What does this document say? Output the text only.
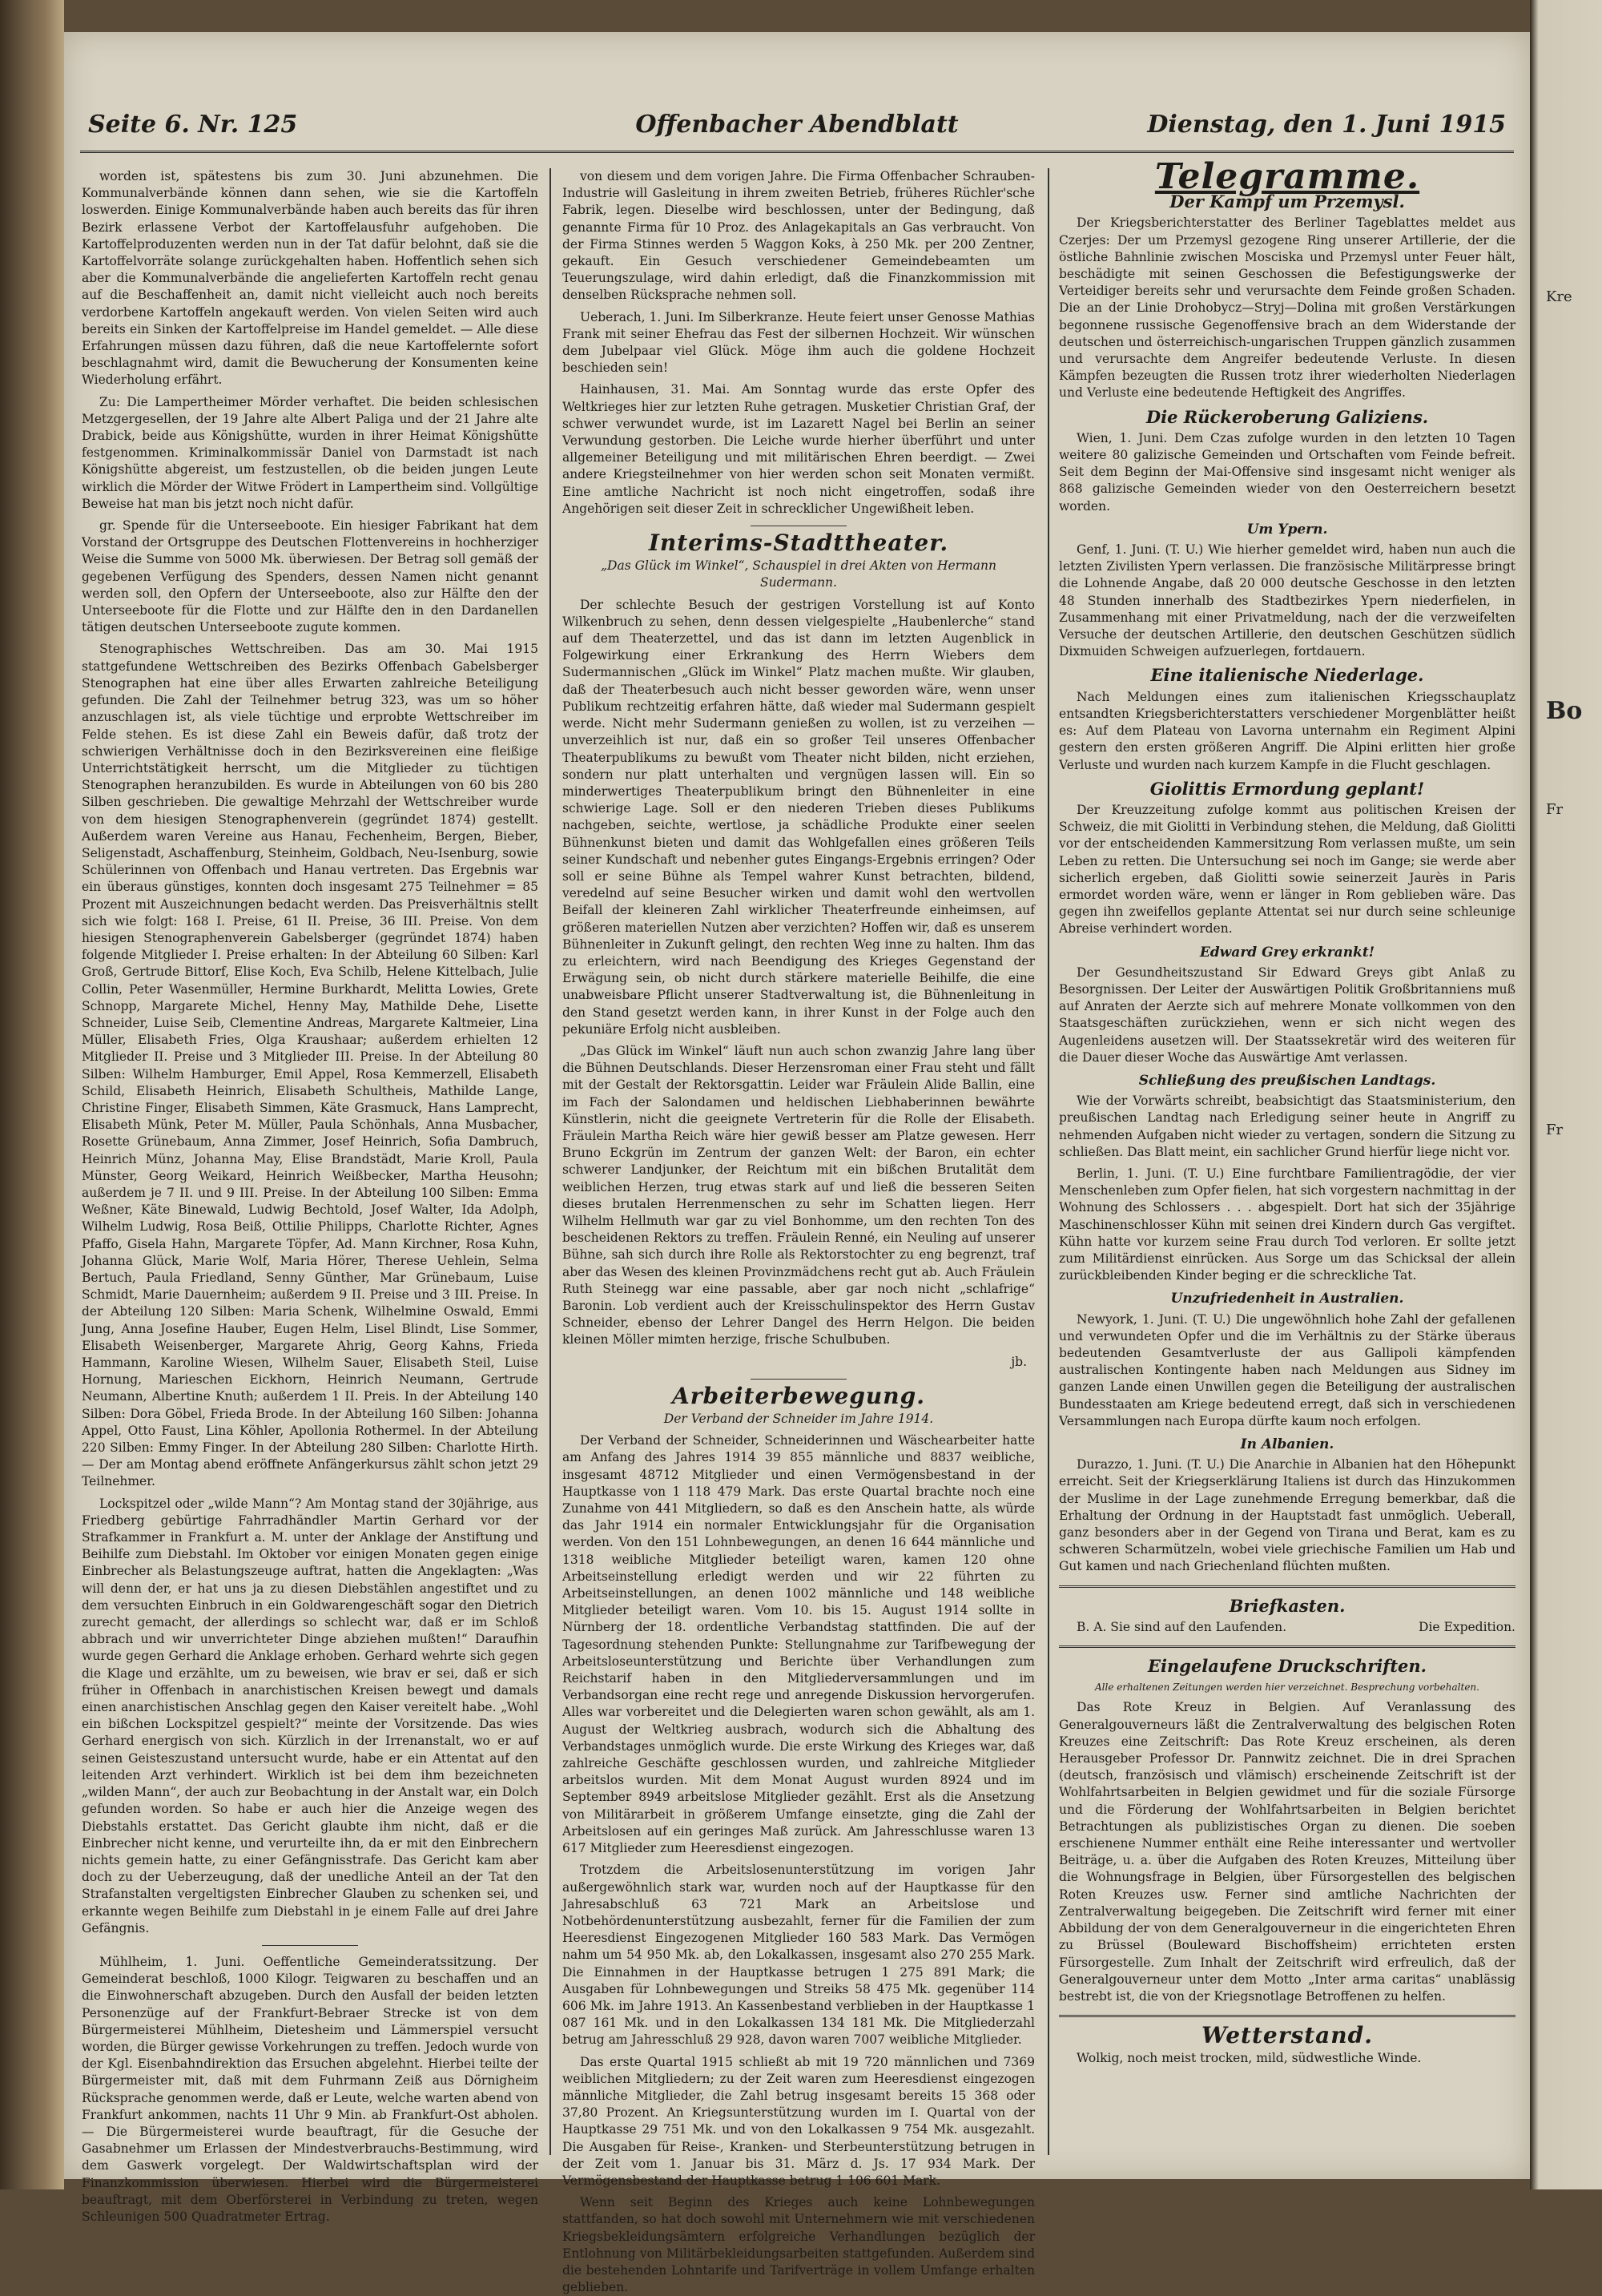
Seite 6. Nr. 125	Offenbacher Abendblatt	Dienstag, den 1. Juni 1915

worden ist, spätestens bis zum 30. Juni abzunehmen. Die Kommunalverbände können dann sehen, wie sie die Kartoffeln loswerden. Einige Kommunalverbände haben auch bereits das für ihren Bezirk erlassene Verbot der Kartoffelausfuhr aufgehoben. Die Kartoffelproduzenten werden nun in der Tat dafür belohnt, daß sie die Kartoffelvorräte solange zurückgehalten haben. Hoffentlich sehen sich aber die Kommunalverbände die angelieferten Kartoffeln recht genau auf die Beschaffenheit an, damit nicht vielleicht auch noch bereits verdorbene Kartoffeln angekauft werden. Von vielen Seiten wird auch bereits ein Sinken der Kartoffelpreise im Handel gemeldet. — Alle diese Erfahrungen müssen dazu führen, daß die neue Kartoffelernte sofort beschlagnahmt wird, damit die Bewucherung der Konsumenten keine Wiederholung erfährt.

Zu: Die Lampertheimer Mörder verhaftet. Die beiden schlesischen Metzgergesellen, der 19 Jahre alte Albert Paliga und der 21 Jahre alte Drabick, beide aus Königshütte, wurden in ihrer Heimat Königshütte festgenommen. Kriminalkommissär Daniel von Darmstadt ist nach Königshütte abgereist, um festzustellen, ob die beiden jungen Leute wirklich die Mörder der Witwe Frödert in Lampertheim sind. Vollgültige Beweise hat man bis jetzt noch nicht dafür.

gr. Spende für die Unterseeboote. Ein hiesiger Fabrikant hat dem Vorstand der Ortsgruppe des Deutschen Flottenvereins in hochherziger Weise die Summe von 5000 Mk. überwiesen. Der Betrag soll gemäß der gegebenen Verfügung des Spenders, dessen Namen nicht genannt werden soll, den Opfern der Unterseeboote, also zur Hälfte den der Unterseeboote für die Flotte und zur Hälfte den in den Dardanellen tätigen deutschen Unterseeboote zugute kommen.

Stenographisches Wettschreiben. Das am 30. Mai 1915 stattgefundene Wettschreiben des Bezirks Offenbach Gabelsberger Stenographen hat eine über alles Erwarten zahlreiche Beteiligung gefunden. Die Zahl der Teilnehmer betrug 323, was um so höher anzuschlagen ist, als viele tüchtige und erprobte Wettschreiber im Felde stehen. Es ist diese Zahl ein Beweis dafür, daß trotz der schwierigen Verhältnisse doch in den Bezirksvereinen eine fleißige Unterrichtstätigkeit herrscht, um die Mitglieder zu tüchtigen Stenographen heranzubilden. Es wurde in Abteilungen von 60 bis 280 Silben geschrieben. Die gewaltige Mehrzahl der Wettschreiber wurde von dem hiesigen Stenographenverein (gegründet 1874) gestellt. Außerdem waren Vereine aus Hanau, Fechenheim, Bergen, Bieber, Seligenstadt, Aschaffenburg, Steinheim, Goldbach, Neu-Isenburg, sowie Schülerinnen von Offenbach und Hanau vertreten. Das Ergebnis war ein überaus günstiges, konnten doch insgesamt 275 Teilnehmer = 85 Prozent mit Auszeichnungen bedacht werden. Das Preisverhältnis stellt sich wie folgt: 168 I. Preise, 61 II. Preise, 36 III. Preise. Von dem hiesigen Stenographenverein Gabelsberger (gegründet 1874) haben folgende Mitglieder I. Preise erhalten: In der Abteilung 60 Silben: Karl Groß, Gertrude Bittorf, Elise Koch, Eva Schilb, Helene Kittelbach, Julie Collin, Peter Wasenmüller, Hermine Burkhardt, Melitta Lowies, Grete Schnopp, Margarete Michel, Henny May, Mathilde Dehe, Lisette Schneider, Luise Seib, Clementine Andreas, Margarete Kaltmeier, Lina Müller, Elisabeth Fries, Olga Kraushaar; außerdem erhielten 12 Mitglieder II. Preise und 3 Mitglieder III. Preise. In der Abteilung 80 Silben: Wilhelm Hamburger, Emil Appel, Rosa Kemmerzell, Elisabeth Schild, Elisabeth Heinrich, Elisabeth Schultheis, Mathilde Lange, Christine Finger, Elisabeth Simmen, Käte Grasmuck, Hans Lamprecht, Elisabeth Münk, Peter M. Müller, Paula Schönhals, Anna Musbacher, Rosette Grünebaum, Anna Zimmer, Josef Heinrich, Sofia Dambruch, Heinrich Münz, Johanna May, Elise Brandstädt, Marie Kroll, Paula Münster, Georg Weikard, Heinrich Weißbecker, Martha Heusohn; außerdem je 7 II. und 9 III. Preise. In der Abteilung 100 Silben: Emma Weßner, Käte Binewald, Ludwig Bechtold, Josef Walter, Ida Adolph, Wilhelm Ludwig, Rosa Beiß, Ottilie Philipps, Charlotte Richter, Agnes Pfaffo, Gisela Hahn, Margarete Töpfer, Ad. Mann Kirchner, Rosa Kuhn, Johanna Glück, Marie Wolf, Maria Hörer, Therese Uehlein, Selma Bertuch, Paula Friedland, Senny Günther, Mar Grünebaum, Luise Schmidt, Marie Dauernheim; außerdem 9 II. Preise und 3 III. Preise. In der Abteilung 120 Silben: Maria Schenk, Wilhelmine Oswald, Emmi Jung, Anna Josefine Hauber, Eugen Helm, Lisel Blindt, Lise Sommer, Elisabeth Weisenberger, Margarete Ahrig, Georg Kahns, Frieda Hammann, Karoline Wiesen, Wilhelm Sauer, Elisabeth Steil, Luise Hornung, Marieschen Eickhorn, Heinrich Neumann, Gertrude Neumann, Albertine Knuth; außerdem 1 II. Preis. In der Abteilung 140 Silben: Dora Göbel, Frieda Brode. In der Abteilung 160 Silben: Johanna Appel, Otto Faust, Lina Köhler, Apollonia Rothermel. In der Abteilung 220 Silben: Emmy Finger. In der Abteilung 280 Silben: Charlotte Hirth. — Der am Montag abend eröffnete Anfängerkursus zählt schon jetzt 29 Teilnehmer.

Lockspitzel oder „wilde Mann“? Am Montag stand der 30jährige, aus Friedberg gebürtige Fahrradhändler Martin Gerhard vor der Strafkammer in Frankfurt a. M. unter der Anklage der Anstiftung und Beihilfe zum Diebstahl. Im Oktober vor einigen Monaten gegen einige Einbrecher als Belastungszeuge auftrat, hatten die Angeklagten: „Was will denn der, er hat uns ja zu diesen Diebstählen angestiftet und zu dem versuchten Einbruch in ein Goldwarengeschäft sogar den Dietrich zurecht gemacht, der allerdings so schlecht war, daß er im Schloß abbrach und wir unverrichteter Dinge abziehen mußten!“ Daraufhin wurde gegen Gerhard die Anklage erhoben. Gerhard wehrte sich gegen die Klage und erzählte, um zu beweisen, wie brav er sei, daß er sich früher in Offenbach in anarchistischen Kreisen bewegt und damals einen anarchistischen Anschlag gegen den Kaiser vereitelt habe. „Wohl ein bißchen Lockspitzel gespielt?“ meinte der Vorsitzende. Das wies Gerhard energisch von sich. Kürzlich in der Irrenanstalt, wo er auf seinen Geisteszustand untersucht wurde, habe er ein Attentat auf den leitenden Arzt verhindert. Wirklich ist bei dem ihm bezeichneten „wilden Mann“, der auch zur Beobachtung in der Anstalt war, ein Dolch gefunden worden. So habe er auch hier die Anzeige wegen des Diebstahls erstattet. Das Gericht glaubte ihm nicht, daß er die Einbrecher nicht kenne, und verurteilte ihn, da er mit den Einbrechern nichts gemein hatte, zu einer Gefängnisstrafe. Das Gericht kam aber doch zu der Ueberzeugung, daß der unedliche Anteil an der Tat den Strafanstalten vergeltigsten Einbrecher Glauben zu schenken sei, und erkannte wegen Beihilfe zum Diebstahl in je einem Falle auf drei Jahre Gefängnis.

Mühlheim, 1. Juni. Oeffentliche Gemeinderatssitzung. Der Gemeinderat beschloß, 1000 Kilogr. Teigwaren zu beschaffen und an die Einwohnerschaft abzugeben. Durch den Ausfall der beiden letzten Personenzüge auf der Frankfurt-Bebraer Strecke ist von dem Bürgermeisterei Mühlheim, Dietesheim und Lämmerspiel versucht worden, die Bürger gewisse Vorkehrungen zu treffen. Jedoch wurde von der Kgl. Eisenbahndirektion das Ersuchen abgelehnt. Hierbei teilte der Bürgermeister mit, daß mit dem Fuhrmann Zeiß aus Dörnigheim Rücksprache genommen werde, daß er Leute, welche warten abend von Frankfurt ankommen, nachts 11 Uhr 9 Min. ab Frankfurt-Ost abholen. — Die Bürgermeisterei wurde beauftragt, für die Gesuche der Gasabnehmer um Erlassen der Mindestverbrauchs-Bestimmung, wird dem Gaswerk vorgelegt. Der Waldwirtschaftsplan wird der Finanzkommission überwiesen. Hierbei wird die Bürgermeisterei beauftragt, mit dem Oberförsterei in Verbindung zu treten, wegen Schleunigen 500 Quadratmeter Ertrag.

von diesem und dem vorigen Jahre. Die Firma Offenbacher Schrauben-Industrie will Gasleitung in ihrem zweiten Betrieb, früheres Rüchler'sche Fabrik, legen. Dieselbe wird beschlossen, unter der Bedingung, daß genannte Firma für 10 Proz. des Anlagekapitals an Gas verbraucht. Von der Firma Stinnes werden 5 Waggon Koks, à 250 Mk. per 200 Zentner, gekauft. Ein Gesuch verschiedener Gemeindebeamten um Teuerungszulage, wird dahin erledigt, daß die Finanzkommission mit denselben Rücksprache nehmen soll.

Ueberach, 1. Juni. Im Silberkranze. Heute feiert unser Genosse Mathias Frank mit seiner Ehefrau das Fest der silbernen Hochzeit. Wir wünschen dem Jubelpaar viel Glück. Möge ihm auch die goldene Hochzeit beschieden sein!

Hainhausen, 31. Mai. Am Sonntag wurde das erste Opfer des Weltkrieges hier zur letzten Ruhe getragen. Musketier Christian Graf, der schwer verwundet wurde, ist im Lazarett Nagel bei Berlin an seiner Verwundung gestorben. Die Leiche wurde hierher überführt und unter allgemeiner Beteiligung und mit militärischen Ehren beerdigt. — Zwei andere Kriegsteilnehmer von hier werden schon seit Monaten vermißt. Eine amtliche Nachricht ist noch nicht eingetroffen, sodaß ihre Angehörigen seit dieser Zeit in schrecklicher Ungewißheit leben.

Interims-Stadttheater.
„Das Glück im Winkel“, Schauspiel in drei Akten von Hermann Sudermann.

Der schlechte Besuch der gestrigen Vorstellung ist auf Konto Wilkenbruch zu sehen, denn dessen vielgespielte „Haubenlerche“ stand auf dem Theaterzettel, und das ist dann im letzten Augenblick in Folgewirkung einer Erkrankung des Herrn Wiebers dem Sudermannischen „Glück im Winkel“ Platz machen mußte. Wir glauben, daß der Theaterbesuch auch nicht besser geworden wäre, wenn unser Publikum rechtzeitig erfahren hätte, daß wieder mal Sudermann gespielt werde. Nicht mehr Sudermann genießen zu wollen, ist zu verzeihen — unverzeihlich ist nur, daß ein so großer Teil unseres Offenbacher Theaterpublikums zu bewußt vom Theater nicht bilden, nicht erziehen, sondern nur platt unterhalten und vergnügen lassen will. Ein so minderwertiges Theaterpublikum bringt den Bühnenleiter in eine schwierige Lage. Soll er den niederen Trieben dieses Publikums nachgeben, seichte, wertlose, ja schädliche Produkte einer seelen Bühnenkunst bieten und damit das Wohlgefallen eines größeren Teils seiner Kundschaft und nebenher gutes Eingangs-Ergebnis erringen? Oder soll er seine Bühne als Tempel wahrer Kunst betrachten, bildend, veredelnd auf seine Besucher wirken und damit wohl den wertvollen Beifall der kleineren Zahl wirklicher Theaterfreunde einheimsen, auf größeren materiellen Nutzen aber verzichten? Hoffen wir, daß es unserem Bühnenleiter in Zukunft gelingt, den rechten Weg inne zu halten. Ihm das zu erleichtern, wird nach Beendigung des Krieges Gegenstand der Erwägung sein, ob nicht durch stärkere materielle Beihilfe, die eine unabweisbare Pflicht unserer Stadtverwaltung ist, die Bühnenleitung in den Stand gesetzt werden kann, in ihrer Kunst in der Folge auch den pekuniäre Erfolg nicht ausbleiben.

„Das Glück im Winkel“ läuft nun auch schon zwanzig Jahre lang über die Bühnen Deutschlands. Dieser Herzensroman einer Frau steht und fällt mit der Gestalt der Rektorsgattin. Leider war Fräulein Alide Ballin, eine im Fach der Salondamen und heldischen Liebhaberinnen bewährte Künstlerin, nicht die geeignete Vertreterin für die Rolle der Elisabeth. Fräulein Martha Reich wäre hier gewiß besser am Platze gewesen. Herr Bruno Eckgrün im Zentrum der ganzen Welt: der Baron, ein echter schwerer Landjunker, der Reichtum mit ein bißchen Brutalität dem weiblichen Herzen, trug etwas stark auf und ließ die besseren Seiten dieses brutalen Herrenmenschen zu sehr im Schatten liegen. Herr Wilhelm Hellmuth war gar zu viel Bonhomme, um den rechten Ton des bescheidenen Rektors zu treffen. Fräulein Renné, ein Neuling auf unserer Bühne, sah sich durch ihre Rolle als Rektorstochter zu eng begrenzt, traf aber das Wesen des kleinen Provinzmädchens recht gut ab. Auch Fräulein Ruth Steinegg war eine passable, aber gar noch nicht „schlafrige“ Baronin. Lob verdient auch der Kreisschulinspektor des Herrn Gustav Schneider, ebenso der Lehrer Dangel des Herrn Helgon. Die beiden kleinen Möller mimten herzige, frische Schulbuben.

jb.
Arbeiterbewegung.
Der Verband der Schneider im Jahre 1914.

Der Verband der Schneider, Schneiderinnen und Wäschearbeiter hatte am Anfang des Jahres 1914 39 855 männliche und 8837 weibliche, insgesamt 48712 Mitglieder und einen Vermögensbestand in der Hauptkasse von 1 118 479 Mark. Das erste Quartal brachte noch eine Zunahme von 441 Mitgliedern, so daß es den Anschein hatte, als würde das Jahr 1914 ein normaler Entwicklungsjahr für die Organisation werden. Von den 151 Lohnbewegungen, an denen 16 644 männliche und 1318 weibliche Mitglieder beteiligt waren, kamen 120 ohne Arbeitseinstellung erledigt werden und wir 22 führten zu Arbeitseinstellungen, an denen 1002 männliche und 148 weibliche Mitglieder beteiligt waren. Vom 10. bis 15. August 1914 sollte in Nürnberg der 18. ordentliche Verbandstag stattfinden. Die auf der Tagesordnung stehenden Punkte: Stellungnahme zur Tarifbewegung der Arbeitsloseunterstützung und Berichte über Verhandlungen zum Reichstarif haben in den Mitgliederversammlungen und im Verbandsorgan eine recht rege und anregende Diskussion hervorgerufen. Alles war vorbereitet und die Delegierten waren schon gewählt, als am 1. August der Weltkrieg ausbrach, wodurch sich die Abhaltung des Verbandstages unmöglich wurde. Die erste Wirkung des Krieges war, daß zahlreiche Geschäfte geschlossen wurden, und zahlreiche Mitglieder arbeitslos wurden. Mit dem Monat August wurden 8924 und im September 8949 arbeitslose Mitglieder gezählt. Erst als die Ansetzung von Militärarbeit in größerem Umfange einsetzte, ging die Zahl der Arbeitslosen auf ein geringes Maß zurück. Am Jahresschlusse waren 13 617 Mitglieder zum Heeresdienst eingezogen.

Trotzdem die Arbeitslosenunterstützung im vorigen Jahr außergewöhnlich stark war, wurden noch auf der Hauptkasse für den Jahresabschluß 63 721 Mark an Arbeitslose und Notbehördenunterstützung ausbezahlt, ferner für die Familien der zum Heeresdienst Eingezogenen Mitglieder 160 583 Mark. Das Vermögen nahm um 54 950 Mk. ab, den Lokalkassen, insgesamt also 270 255 Mark. Die Einnahmen in der Hauptkasse betrugen 1 275 891 Mark; die Ausgaben für Lohnbewegungen und Streiks 58 475 Mk. gegenüber 114 606 Mk. im Jahre 1913. An Kassenbestand verblieben in der Hauptkasse 1 087 161 Mk. und in den Lokalkassen 134 181 Mk. Die Mitgliederzahl betrug am Jahresschluß 29 928, davon waren 7007 weibliche Mitglieder.

Das erste Quartal 1915 schließt ab mit 19 720 männlichen und 7369 weiblichen Mitgliedern; zu der Zeit waren zum Heeresdienst eingezogen männliche Mitglieder, die Zahl betrug insgesamt bereits 15 368 oder 37,80 Prozent. An Kriegsunterstützung wurden im I. Quartal von der Hauptkasse 29 751 Mk. und von den Lokalkassen 9 754 Mk. ausgezahlt. Die Ausgaben für Reise-, Kranken- und Sterbeunterstützung betrugen in der Zeit vom 1. Januar bis 31. März d. Js. 17 934 Mark. Der Vermögensbestand der Hauptkasse betrug 1 106 601 Mark.

Wenn seit Beginn des Krieges auch keine Lohnbewegungen stattfanden, so hat doch sowohl mit Unternehmern wie mit verschiedenen Kriegsbekleidungsämtern erfolgreiche Verhandlungen bezüglich der Entlohnung von Militärbekleidungsarbeiten stattgefunden. Außerdem sind die bestehenden Lohntarife und Tarifverträge in vollem Umfange erhalten geblieben.

Telegramme.
Der Kampf um Przemysl.

Der Kriegsberichterstatter des Berliner Tageblattes meldet aus Czerjes: Der um Przemysl gezogene Ring unserer Artillerie, der die östliche Bahnlinie zwischen Mosciska und Przemysl unter Feuer hält, beschädigte mit seinen Geschossen die Befestigungswerke der Verteidiger bereits sehr und verursachte dem Feinde großen Schaden. Die an der Linie Drohobycz—Stryj—Dolina mit großen Verstärkungen begonnene russische Gegenoffensive brach an dem Widerstande der deutschen und österreichisch-ungarischen Truppen gänzlich zusammen und verursachte dem Angreifer bedeutende Verluste. In diesen Kämpfen bezeugten die Russen trotz ihrer wiederholten Niederlagen und Verluste eine bedeutende Heftigkeit des Angriffes.

Die Rückeroberung Galiziens.

Wien, 1. Juni. Dem Czas zufolge wurden in den letzten 10 Tagen weitere 80 galizische Gemeinden und Ortschaften vom Feinde befreit. Seit dem Beginn der Mai-Offensive sind insgesamt nicht weniger als 868 galizische Gemeinden wieder von den Oesterreichern besetzt worden.

Um Ypern.

Genf, 1. Juni. (T. U.) Wie hierher gemeldet wird, haben nun auch die letzten Zivilisten Ypern verlassen. Die französische Militärpresse bringt die Lohnende Angabe, daß 20 000 deutsche Geschosse in den letzten 48 Stunden innerhalb des Stadtbezirkes Ypern niederfielen, in Zusammenhang mit einer Privatmeldung, nach der die verzweifelten Versuche der deutschen Artillerie, den deutschen Geschützen südlich Dixmuiden Schweigen aufzuerlegen, fortdauern.

Eine italienische Niederlage.

Nach Meldungen eines zum italienischen Kriegsschauplatz entsandten Kriegsberichterstatters verschiedener Morgenblätter heißt es: Auf dem Plateau von Lavorna unternahm ein Regiment Alpini gestern den ersten größeren Angriff. Die Alpini erlitten hier große Verluste und wurden nach kurzem Kampfe in die Flucht geschlagen.

Giolittis Ermordung geplant!

Der Kreuzzeitung zufolge kommt aus politischen Kreisen der Schweiz, die mit Giolitti in Verbindung stehen, die Meldung, daß Giolitti vor der entscheidenden Kammersitzung Rom verlassen mußte, um sein Leben zu retten. Die Untersuchung sei noch im Gange; sie werde aber sicherlich ergeben, daß Giolitti sowie seinerzeit Jaurès in Paris ermordet worden wäre, wenn er länger in Rom geblieben wäre. Das gegen ihn zweifellos geplante Attentat sei nur durch seine schleunige Abreise verhindert worden.

Edward Grey erkrankt!

Der Gesundheitszustand Sir Edward Greys gibt Anlaß zu Besorgnissen. Der Leiter der Auswärtigen Politik Großbritanniens muß auf Anraten der Aerzte sich auf mehrere Monate vollkommen von den Staatsgeschäften zurückziehen, wenn er sich nicht wegen des Augenleidens ausetzen will. Der Staatssekretär wird des weiteren für die Dauer dieser Woche das Auswärtige Amt verlassen.

Schließung des preußischen Landtags.

Wie der Vorwärts schreibt, beabsichtigt das Staatsministerium, den preußischen Landtag nach Erledigung seiner heute in Angriff zu nehmenden Aufgaben nicht wieder zu vertagen, sondern die Sitzung zu schließen. Das Blatt meint, ein sachlicher Grund hierfür liege nicht vor.

Berlin, 1. Juni. (T. U.) Eine furchtbare Familientragödie, der vier Menschenleben zum Opfer fielen, hat sich vorgestern nachmittag in der Wohnung des Schlossers . . . abgespielt. Dort hat sich der 35jährige Maschinenschlosser Kühn mit seinen drei Kindern durch Gas vergiftet. Kühn hatte vor kurzem seine Frau durch Tod verloren. Er sollte jetzt zum Militärdienst einrücken. Aus Sorge um das Schicksal der allein zurückbleibenden Kinder beging er die schreckliche Tat.

Unzufriedenheit in Australien.

Newyork, 1. Juni. (T. U.) Die ungewöhnlich hohe Zahl der gefallenen und verwundeten Opfer und die im Verhältnis zu der Stärke überaus bedeutenden Gesamtverluste der aus Gallipoli kämpfenden australischen Kontingente haben nach Meldungen aus Sidney im ganzen Lande einen Unwillen gegen die Beteiligung der australischen Bundesstaaten am Kriege bedeutend erregt, daß sich in verschiedenen Versammlungen nach Europa dürfte kaum noch erfolgen.

In Albanien.

Durazzo, 1. Juni. (T. U.) Die Anarchie in Albanien hat den Höhepunkt erreicht. Seit der Kriegserklärung Italiens ist durch das Hinzukommen der Muslime in der Lage zunehmende Erregung bemerkbar, daß die Erhaltung der Ordnung in der Hauptstadt fast unmöglich. Ueberall, ganz besonders aber in der Gegend von Tirana und Berat, kam es zu schweren Scharmützeln, wobei viele griechische Familien um Hab und Gut kamen und nach Griechenland flüchten mußten.

Briefkasten.

B. A. Sie sind auf den Laufenden.	Die Expedition.

Eingelaufene Druckschriften.
Alle erhaltenen Zeitungen werden hier verzeichnet. Besprechung vorbehalten.

Das Rote Kreuz in Belgien. Auf Veranlassung des Generalgouverneurs läßt die Zentralverwaltung des belgischen Roten Kreuzes eine Zeitschrift: Das Rote Kreuz erscheinen, als deren Herausgeber Professor Dr. Pannwitz zeichnet. Die in drei Sprachen (deutsch, französisch und vlämisch) erscheinende Zeitschrift ist der Wohlfahrtsarbeiten in Belgien gewidmet und für die soziale Fürsorge und die Förderung der Wohlfahrtsarbeiten in Belgien berichtet Betrachtungen als publizistisches Organ zu dienen. Die soeben erschienene Nummer enthält eine Reihe interessanter und wertvoller Beiträge, u. a. über die Aufgaben des Roten Kreuzes, Mitteilung über die Wohnungsfrage in Belgien, über Fürsorgestellen des belgischen Roten Kreuzes usw. Ferner sind amtliche Nachrichten der Zentralverwaltung beigegeben. Die Zeitschrift wird ferner mit einer Abbildung der von dem Generalgouverneur in die eingerichteten Ehren zu Brüssel (Bouleward Bischoffsheim) errichteten ersten Fürsorgestelle. Zum Inhalt der Zeitschrift wird erfreulich, daß der Generalgouverneur unter dem Motto „Inter arma caritas“ unablässig bestrebt ist, die von der Kriegsnotlage Betroffenen zu helfen.

Wetterstand.

Wolkig, noch meist trocken, mild, südwestliche Winde.

Kre
Bo
Fr
Fr
